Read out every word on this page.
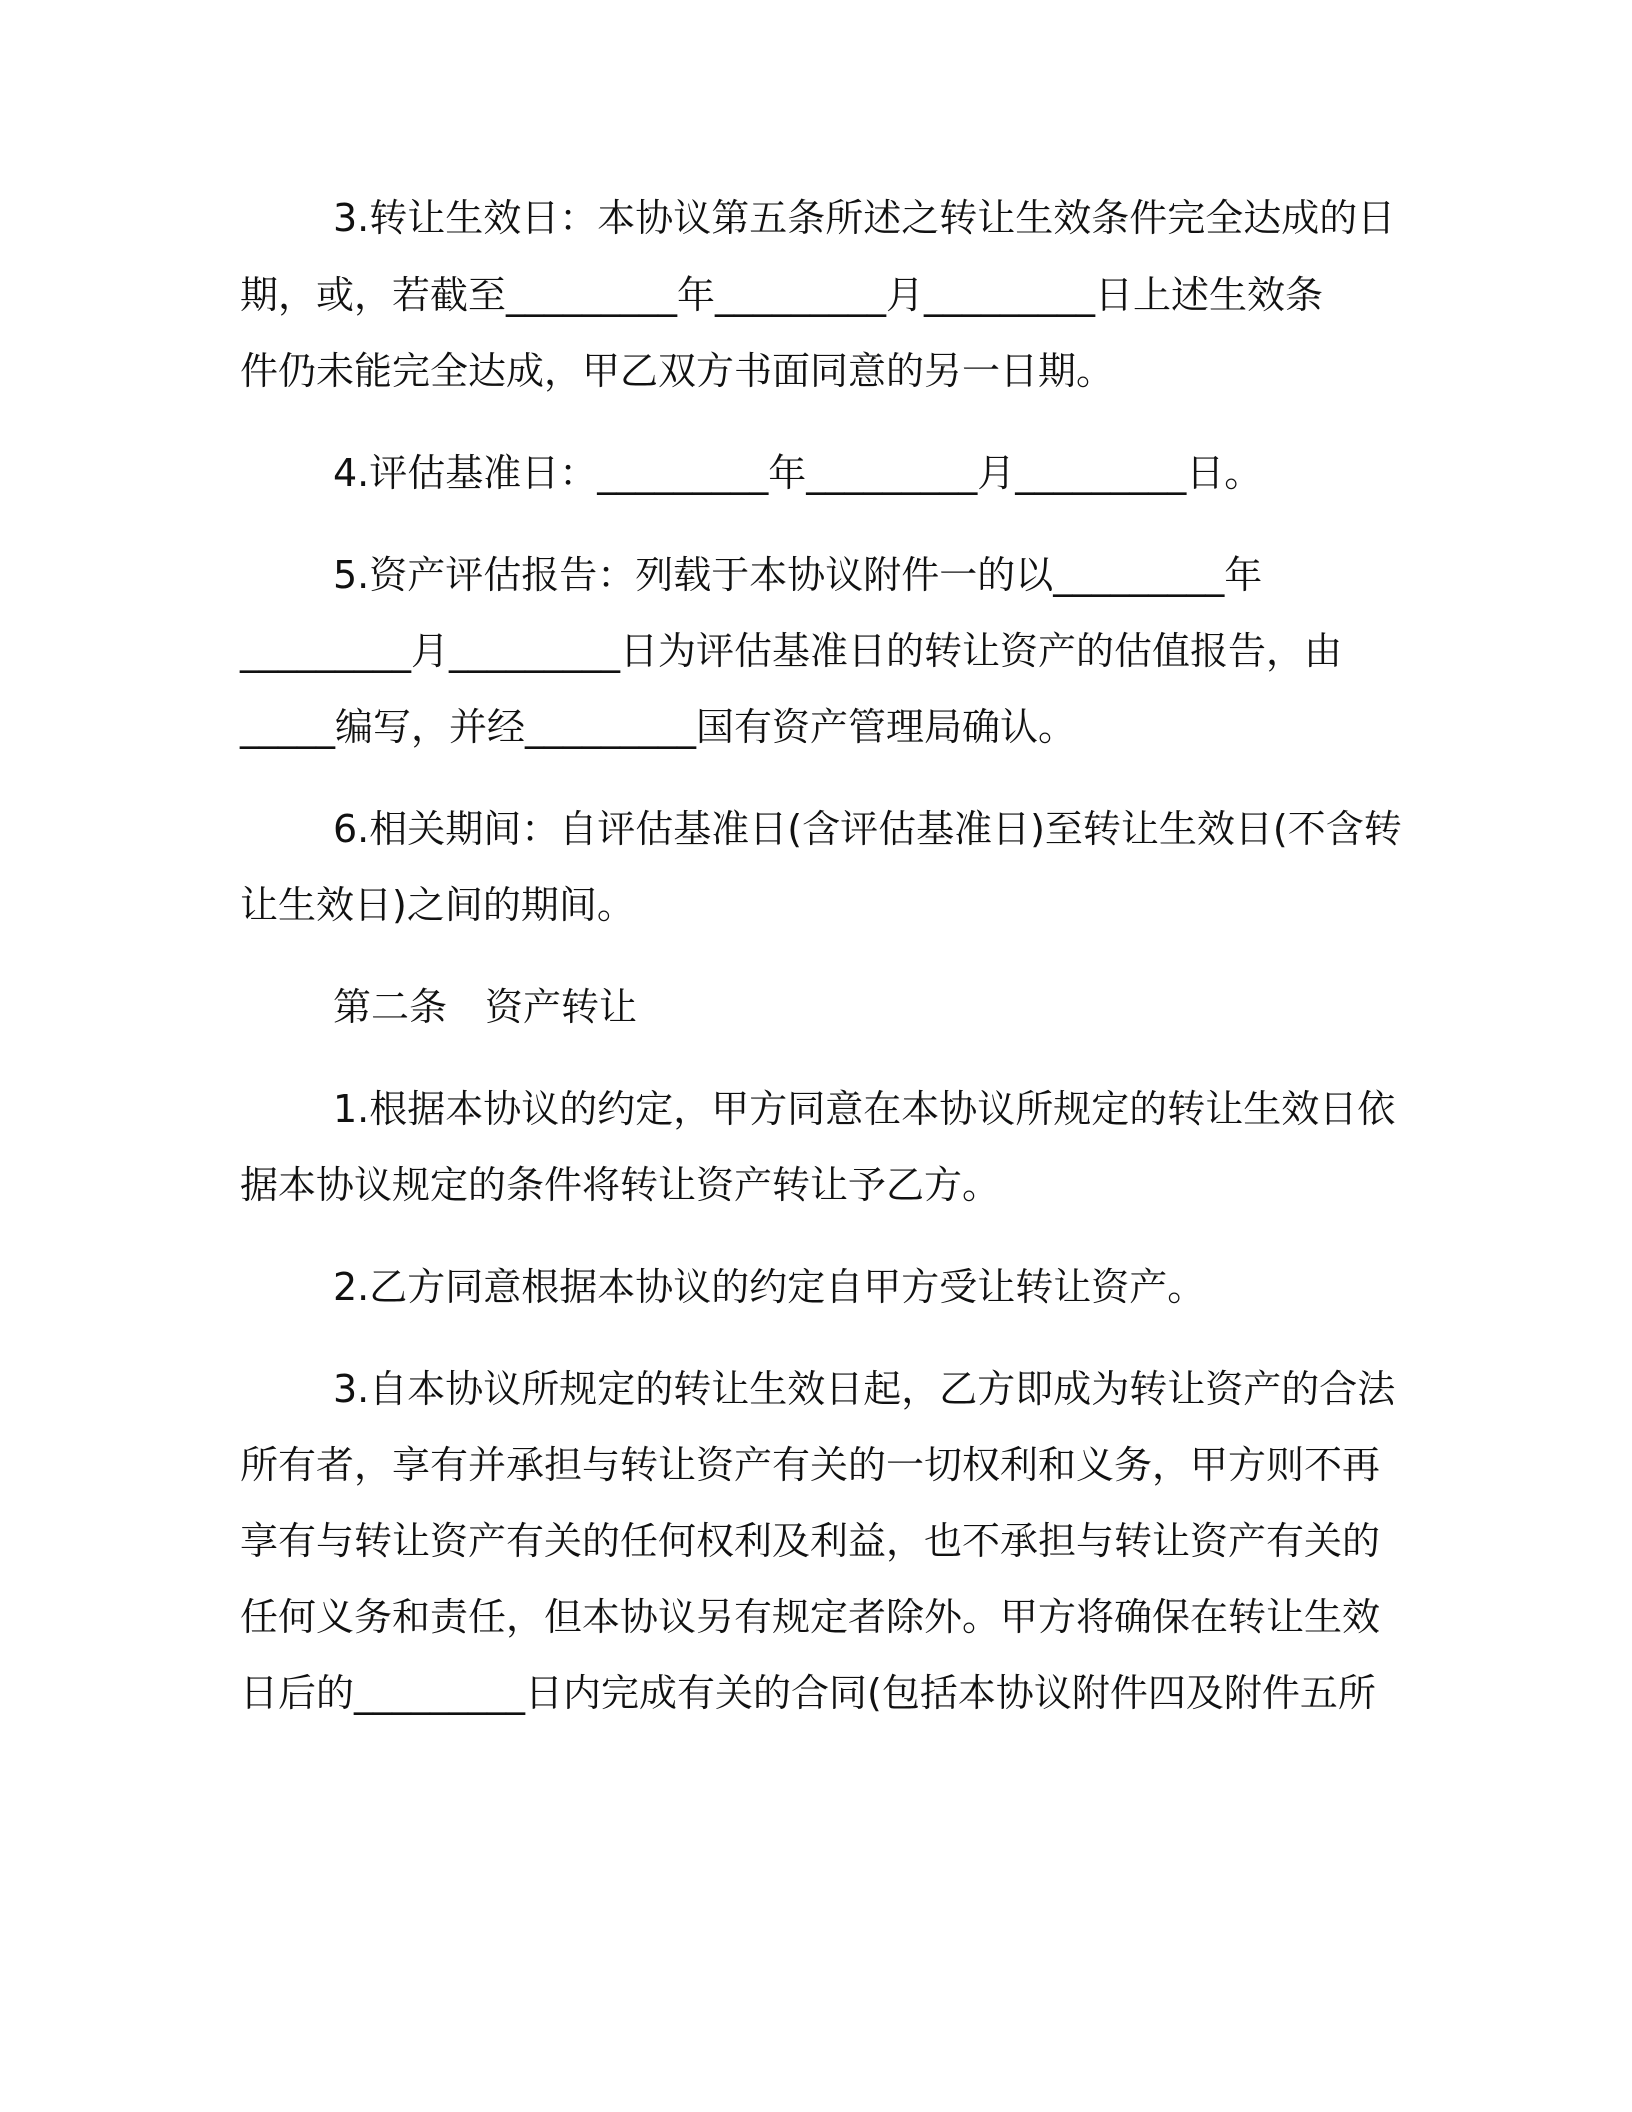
3.转让生效日：本协议第五条所述之转让生效条件完全达成的日
期，或，若截至_________年_________月_________日上述生效条
件仍未能完全达成，甲乙双方书面同意的另一日期。
4.评估基准日：_________年_________月_________日。
5.资产评估报告：列载于本协议附件一的以_________年
_________月_________日为评估基准日的转让资产的估值报告，由
_____编写，并经_________国有资产管理局确认。
6.相关期间：自评估基准日(含评估基准日)至转让生效日(不含转
让生效日)之间的期间。
第二条　资产转让
1.根据本协议的约定，甲方同意在本协议所规定的转让生效日依
据本协议规定的条件将转让资产转让予乙方。
2.乙方同意根据本协议的约定自甲方受让转让资产。
3.自本协议所规定的转让生效日起，乙方即成为转让资产的合法
所有者，享有并承担与转让资产有关的一切权利和义务，甲方则不再
享有与转让资产有关的任何权利及利益，也不承担与转让资产有关的
任何义务和责任，但本协议另有规定者除外。甲方将确保在转让生效
日后的_________日内完成有关的合同(包括本协议附件四及附件五所
